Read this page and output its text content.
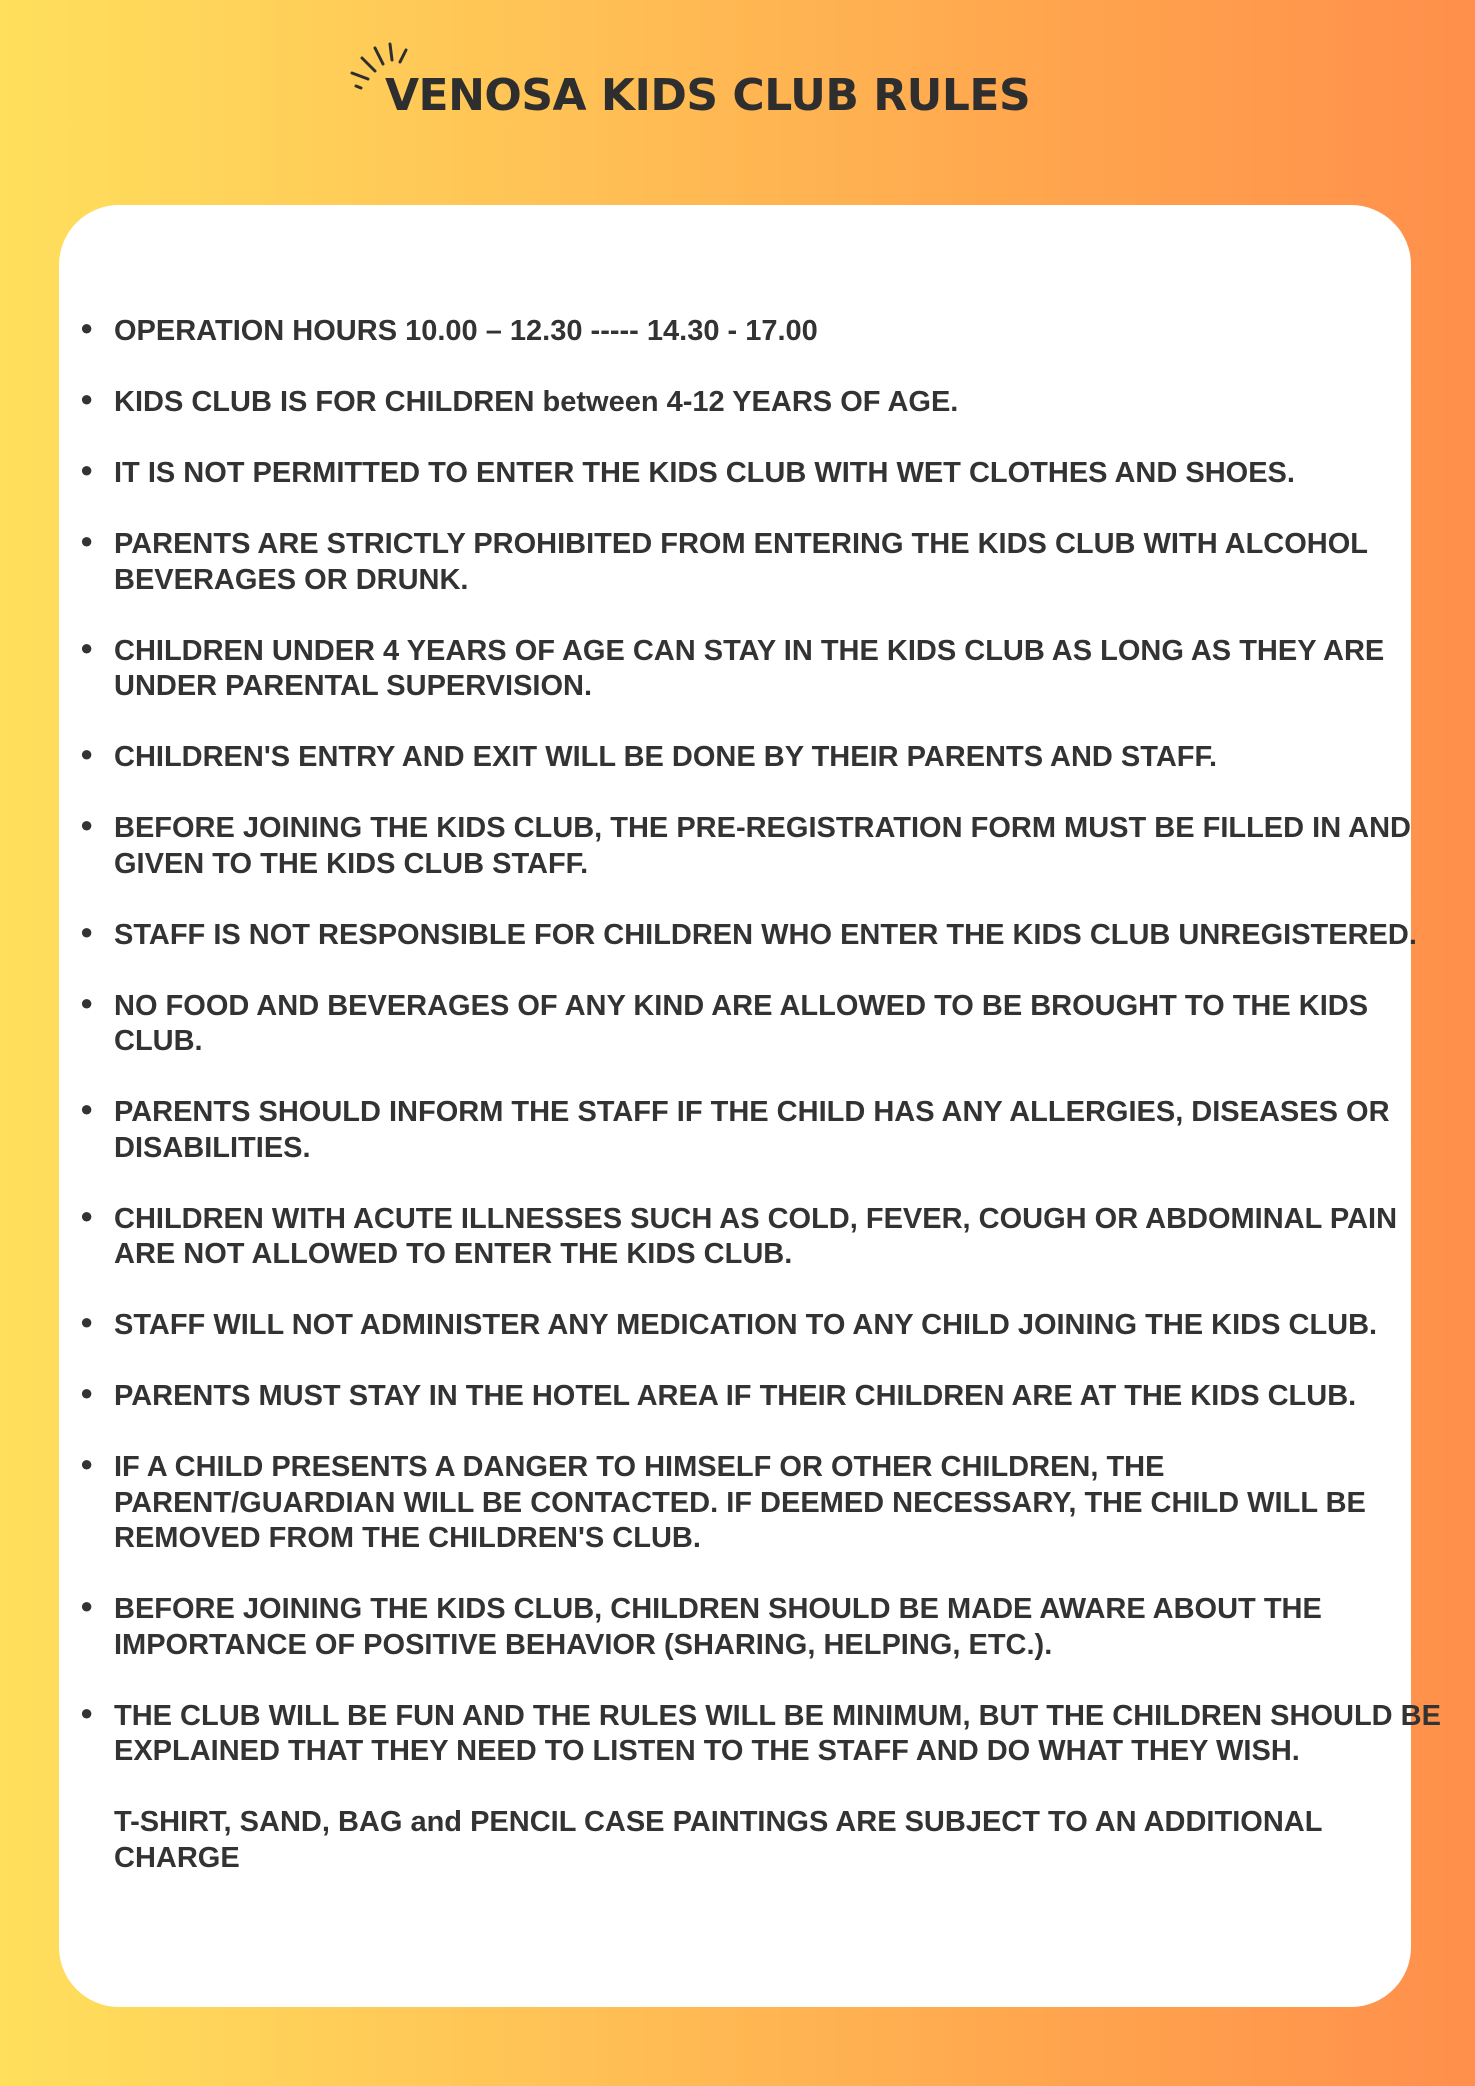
VENOSA KIDS CLUB RULES
● OPERATION HOURS 10.00 – 12.30 ----- 14.30 - 17.00
● KIDS CLUB IS FOR CHILDREN between 4-12 YEARS OF AGE.
● IT IS NOT PERMITTED TO ENTER THE KIDS CLUB WITH WET CLOTHES AND SHOES.
● PARENTS ARE STRICTLY PROHIBITED FROM ENTERING THE KIDS CLUB WITH ALCOHOL BEVERAGES OR DRUNK.
● CHILDREN UNDER 4 YEARS OF AGE CAN STAY IN THE KIDS CLUB AS LONG AS THEY ARE UNDER PARENTAL SUPERVISION.
● CHILDREN'S ENTRY AND EXIT WILL BE DONE BY THEIR PARENTS AND STAFF.
● BEFORE JOINING THE KIDS CLUB, THE PRE-REGISTRATION FORM MUST BE FILLED IN AND GIVEN TO THE KIDS CLUB STAFF.
● STAFF IS NOT RESPONSIBLE FOR CHILDREN WHO ENTER THE KIDS CLUB UNREGISTERED.
● NO FOOD AND BEVERAGES OF ANY KIND ARE ALLOWED TO BE BROUGHT TO THE KIDS CLUB.
● PARENTS SHOULD INFORM THE STAFF IF THE CHILD HAS ANY ALLERGIES, DISEASES OR DISABILITIES.
● CHILDREN WITH ACUTE ILLNESSES SUCH AS COLD, FEVER, COUGH OR ABDOMINAL PAIN ARE NOT ALLOWED TO ENTER THE KIDS CLUB.
● STAFF WILL NOT ADMINISTER ANY MEDICATION TO ANY CHILD JOINING THE KIDS CLUB.
● PARENTS MUST STAY IN THE HOTEL AREA IF THEIR CHILDREN ARE AT THE KIDS CLUB.
● IF A CHILD PRESENTS A DANGER TO HIMSELF OR OTHER CHILDREN, THE PARENT/GUARDIAN WILL BE CONTACTED. IF DEEMED NECESSARY, THE CHILD WILL BE REMOVED FROM THE CHILDREN'S CLUB.
● BEFORE JOINING THE KIDS CLUB, CHILDREN SHOULD BE MADE AWARE ABOUT THE IMPORTANCE OF POSITIVE BEHAVIOR (SHARING, HELPING, ETC.).
● THE CLUB WILL BE FUN AND THE RULES WILL BE MINIMUM, BUT THE CHILDREN SHOULD BE EXPLAINED THAT THEY NEED TO LISTEN TO THE STAFF AND DO WHAT THEY WISH.
T-SHIRT, SAND, BAG and PENCIL CASE PAINTINGS ARE SUBJECT TO AN ADDITIONAL CHARGE
